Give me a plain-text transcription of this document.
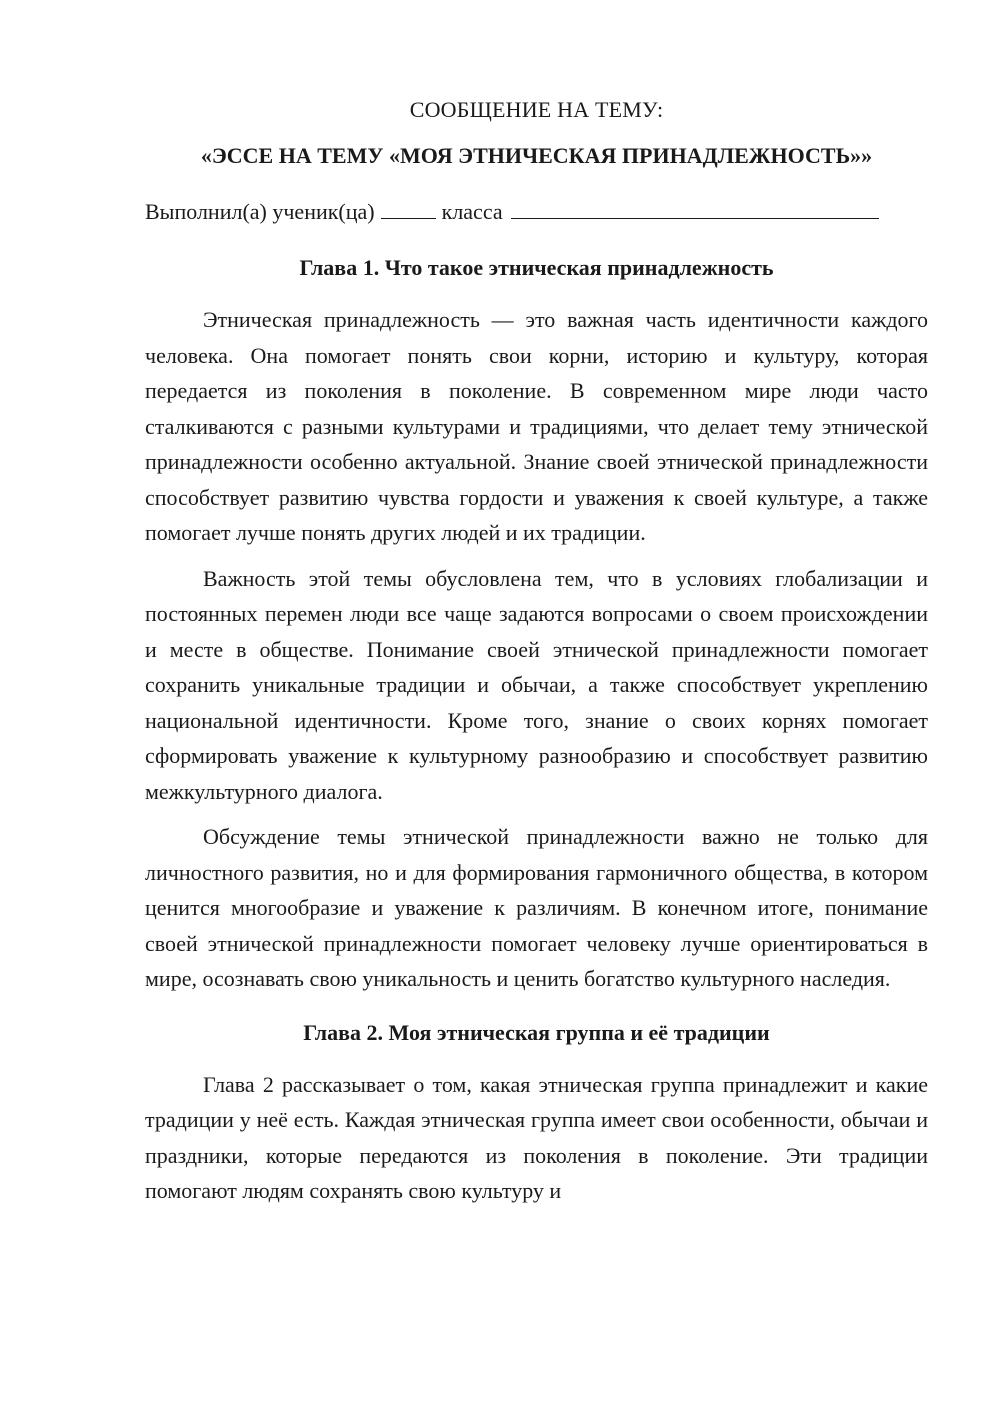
СООБЩЕНИЕ НА ТЕМУ:

«ЭССЕ НА ТЕМУ «МОЯ ЭТНИЧЕСКАЯ ПРИНАДЛЕЖНОСТЬ»»

Выполнил(а) ученик(ца)	класса

Глава 1. Что такое этническая принадлежность

Этническая принадлежность — это важная часть идентичности каждого человека. Она помогает понять свои корни, историю и культуру, которая передается из поколения в поколение. В современном мире люди часто сталкиваются с разными культурами и традициями, что делает тему этнической принадлежности особенно актуальной. Знание своей этнической принадлежности способствует развитию чувства гордости и уважения к своей культуре, а также помогает лучше понять других людей и их традиции.

Важность этой темы обусловлена тем, что в условиях глобализации и постоянных перемен люди все чаще задаются вопросами о своем происхождении и месте в обществе. Понимание своей этнической принадлежности помогает сохранить уникальные традиции и обычаи, а также способствует укреплению национальной идентичности. Кроме того, знание о своих корнях помогает сформировать уважение к культурному разнообразию и способствует развитию межкультурного диалога.

Обсуждение темы этнической принадлежности важно не только для личностного развития, но и для формирования гармоничного общества, в котором ценится многообразие и уважение к различиям. В конечном итоге, понимание своей этнической принадлежности помогает человеку лучше ориентироваться в мире, осознавать свою уникальность и ценить богатство культурного наследия.

Глава 2. Моя этническая группа и её традиции

Глава 2 рассказывает о том, какая этническая группа принадлежит и какие традиции у неё есть. Каждая этническая группа имеет свои особенности, обычаи и праздники, которые передаются из поколения в поколение. Эти традиции помогают людям сохранять свою культуру и
